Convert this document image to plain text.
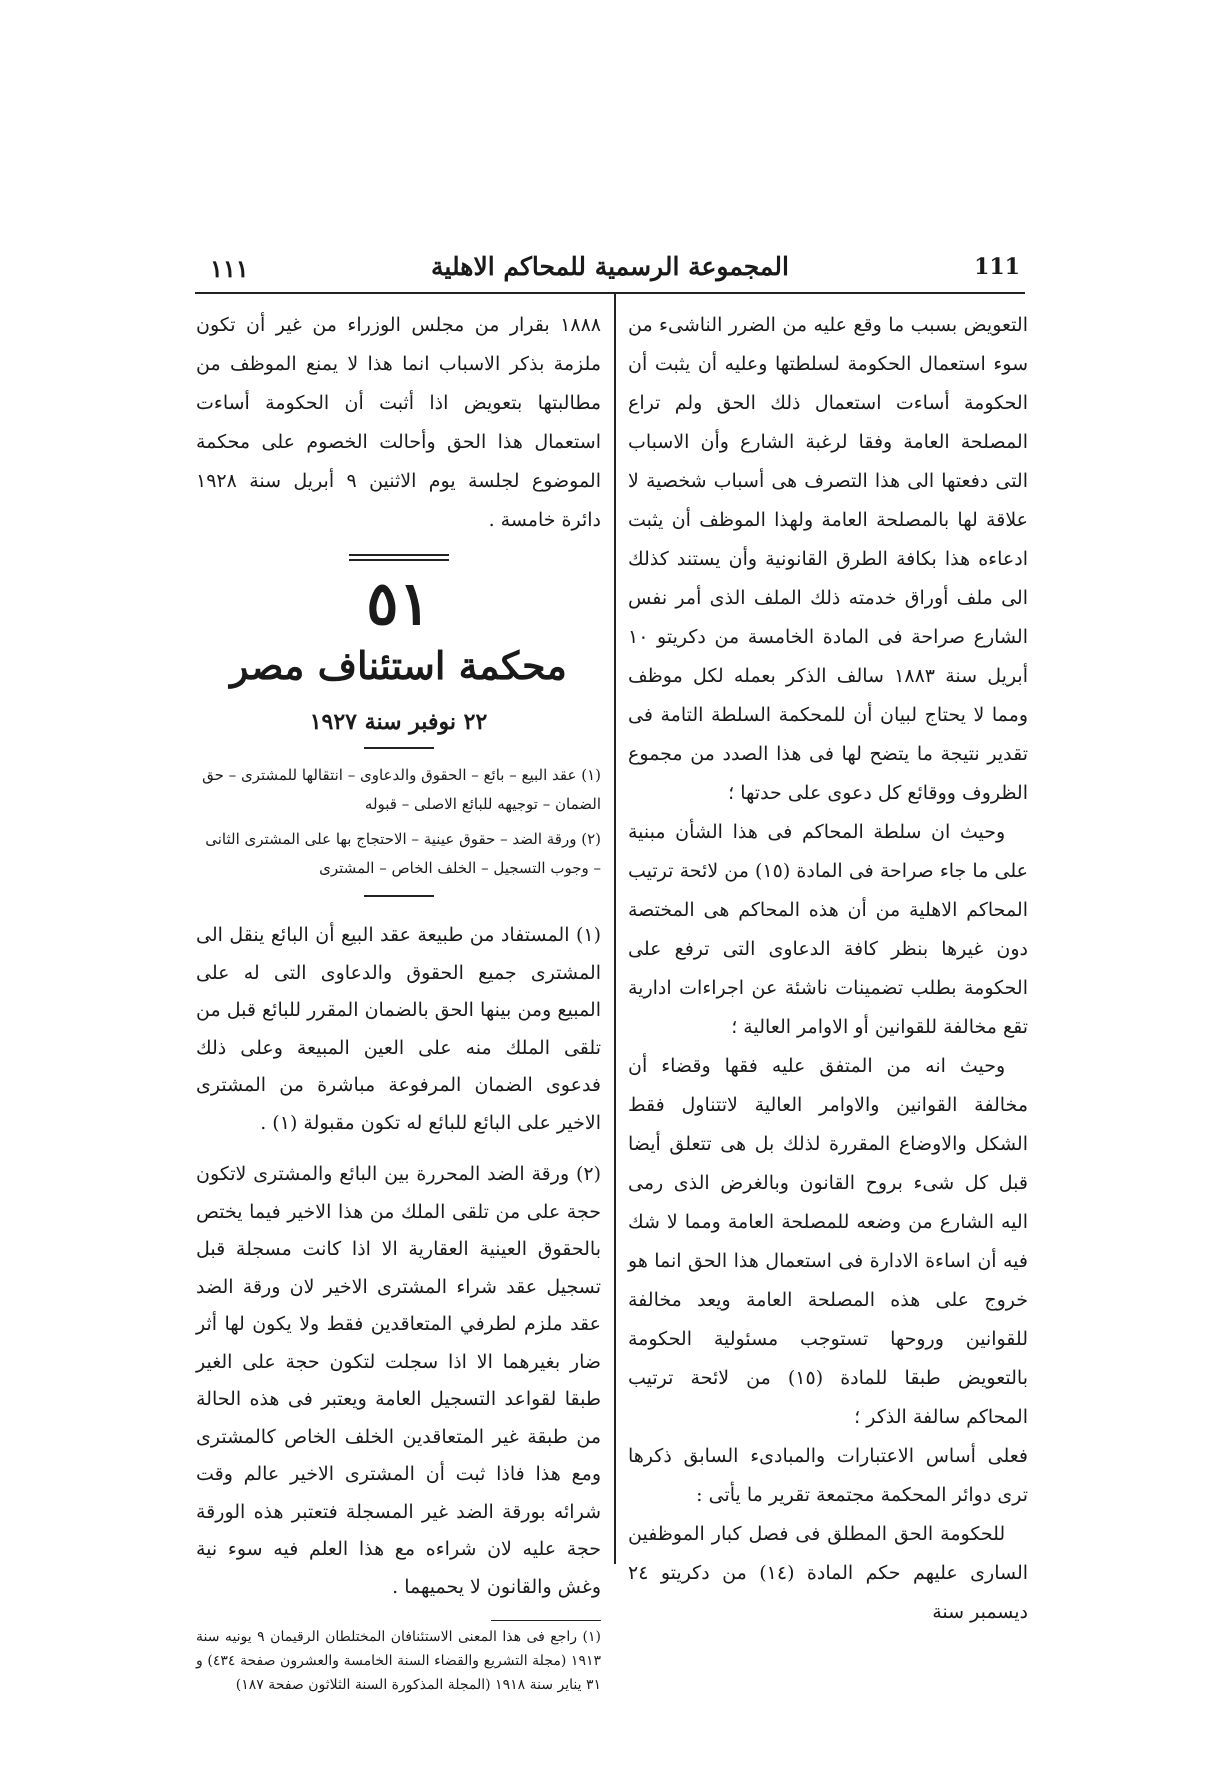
١١١	المجموعة الرسمية للمحاكم الاهلية	111

التعويض بسبب ما وقع عليه من الضرر الناشىء من سوء استعمال الحكومة لسلطتها وعليه أن يثبت أن الحكومة أساءت استعمال ذلك الحق ولم تراع المصلحة العامة وفقا لرغبة الشارع وأن الاسباب التى دفعتها الى هذا التصرف هى أسباب شخصية لا علاقة لها بالمصلحة العامة ولهذا الموظف أن يثبت ادعاءه هذا بكافة الطرق القانونية وأن يستند كذلك الى ملف أوراق خدمته ذلك الملف الذى أمر نفس الشارع صراحة فى المادة الخامسة من دكريتو ١٠ أبريل سنة ١٨٨٣ سالف الذكر بعمله لكل موظف ومما لا يحتاج لبيان أن للمحكمة السلطة التامة فى تقدير نتيجة ما يتضح لها فى هذا الصدد من مجموع الظروف ووقائع كل دعوى على حدتها ؛

وحيث ان سلطة المحاكم فى هذا الشأن مبنية على ما جاء صراحة فى المادة (١٥) من لائحة ترتيب المحاكم الاهلية من أن هذه المحاكم هى المختصة دون غيرها بنظر كافة الدعاوى التى ترفع على الحكومة بطلب تضمينات ناشئة عن اجراءات ادارية تقع مخالفة للقوانين أو الاوامر العالية ؛

وحيث انه من المتفق عليه فقها وقضاء أن مخالفة القوانين والاوامر العالية لاتتناول فقط الشكل والاوضاع المقررة لذلك بل هى تتعلق أيضا قبل كل شىء بروح القانون وبالغرض الذى رمى اليه الشارع من وضعه للمصلحة العامة ومما لا شك فيه أن اساءة الادارة فى استعمال هذا الحق انما هو خروج على هذه المصلحة العامة ويعد مخالفة للقوانين وروحها تستوجب مسئولية الحكومة بالتعويض طبقا للمادة (١٥) من لائحة ترتيب المحاكم سالفة الذكر ؛

فعلى أساس الاعتبارات والمبادىء السابق ذكرها ترى دوائر المحكمة مجتمعة تقرير ما يأتى :

للحكومة الحق المطلق فى فصل كبار الموظفين السارى عليهم حكم المادة (١٤) من دكريتو ٢٤ ديسمبر سنة

١٨٨٨ بقرار من مجلس الوزراء من غير أن تكون ملزمة بذكر الاسباب انما هذا لا يمنع الموظف من مطالبتها بتعويض اذا أثبت أن الحكومة أساءت استعمال هذا الحق وأحالت الخصوم على محكمة الموضوع لجلسة يوم الاثنين ٩ أبريل سنة ١٩٢٨ دائرة خامسة .

٥١
محكمة استئناف مصر
٢٢ نوفبر سنة ١٩٢٧

(١) عقد البيع – بائع – الحقوق والدعاوى – انتقالها للمشترى – حق الضمان – توجيهه للبائع الاصلى – قبوله

(٢) ورقة الضد – حقوق عينية – الاحتجاج بها على المشترى الثانى – وجوب التسجيل – الخلف الخاص – المشترى

(١) المستفاد من طبيعة عقد البيع أن البائع ينقل الى المشترى جميع الحقوق والدعاوى التى له على المبيع ومن بينها الحق بالضمان المقرر للبائع قبل من تلقى الملك منه على العين المبيعة وعلى ذلك فدعوى الضمان المرفوعة مباشرة من المشترى الاخير على البائع للبائع له تكون مقبولة (١) .

(٢) ورقة الضد المحررة بين البائع والمشترى لاتكون حجة على من تلقى الملك من هذا الاخير فيما يختص بالحقوق العينية العقارية الا اذا كانت مسجلة قبل تسجيل عقد شراء المشترى الاخير لان ورقة الضد عقد ملزم لطرفي المتعاقدين فقط ولا يكون لها أثر ضار بغيرهما الا اذا سجلت لتكون حجة على الغير طبقا لقواعد التسجيل العامة ويعتبر فى هذه الحالة من طبقة غير المتعاقدين الخلف الخاص كالمشترى ومع هذا فاذا ثبت أن المشترى الاخير عالم وقت شرائه بورقة الضد غير المسجلة فتعتبر هذه الورقة حجة عليه لان شراءه مع هذا العلم فيه سوء نية وغش والقانون لا يحميهما .

(١) راجع فى هذا المعنى الاستئنافان المختلطان الرقيمان ٩ يونيه سنة ١٩١٣ (مجلة التشريع والقضاء السنة الخامسة والعشرون صفحة ٤٣٤) و ٣١ يناير سنة ١٩١٨ (المجلة المذكورة السنة الثلاثون صفحة ١٨٧)
